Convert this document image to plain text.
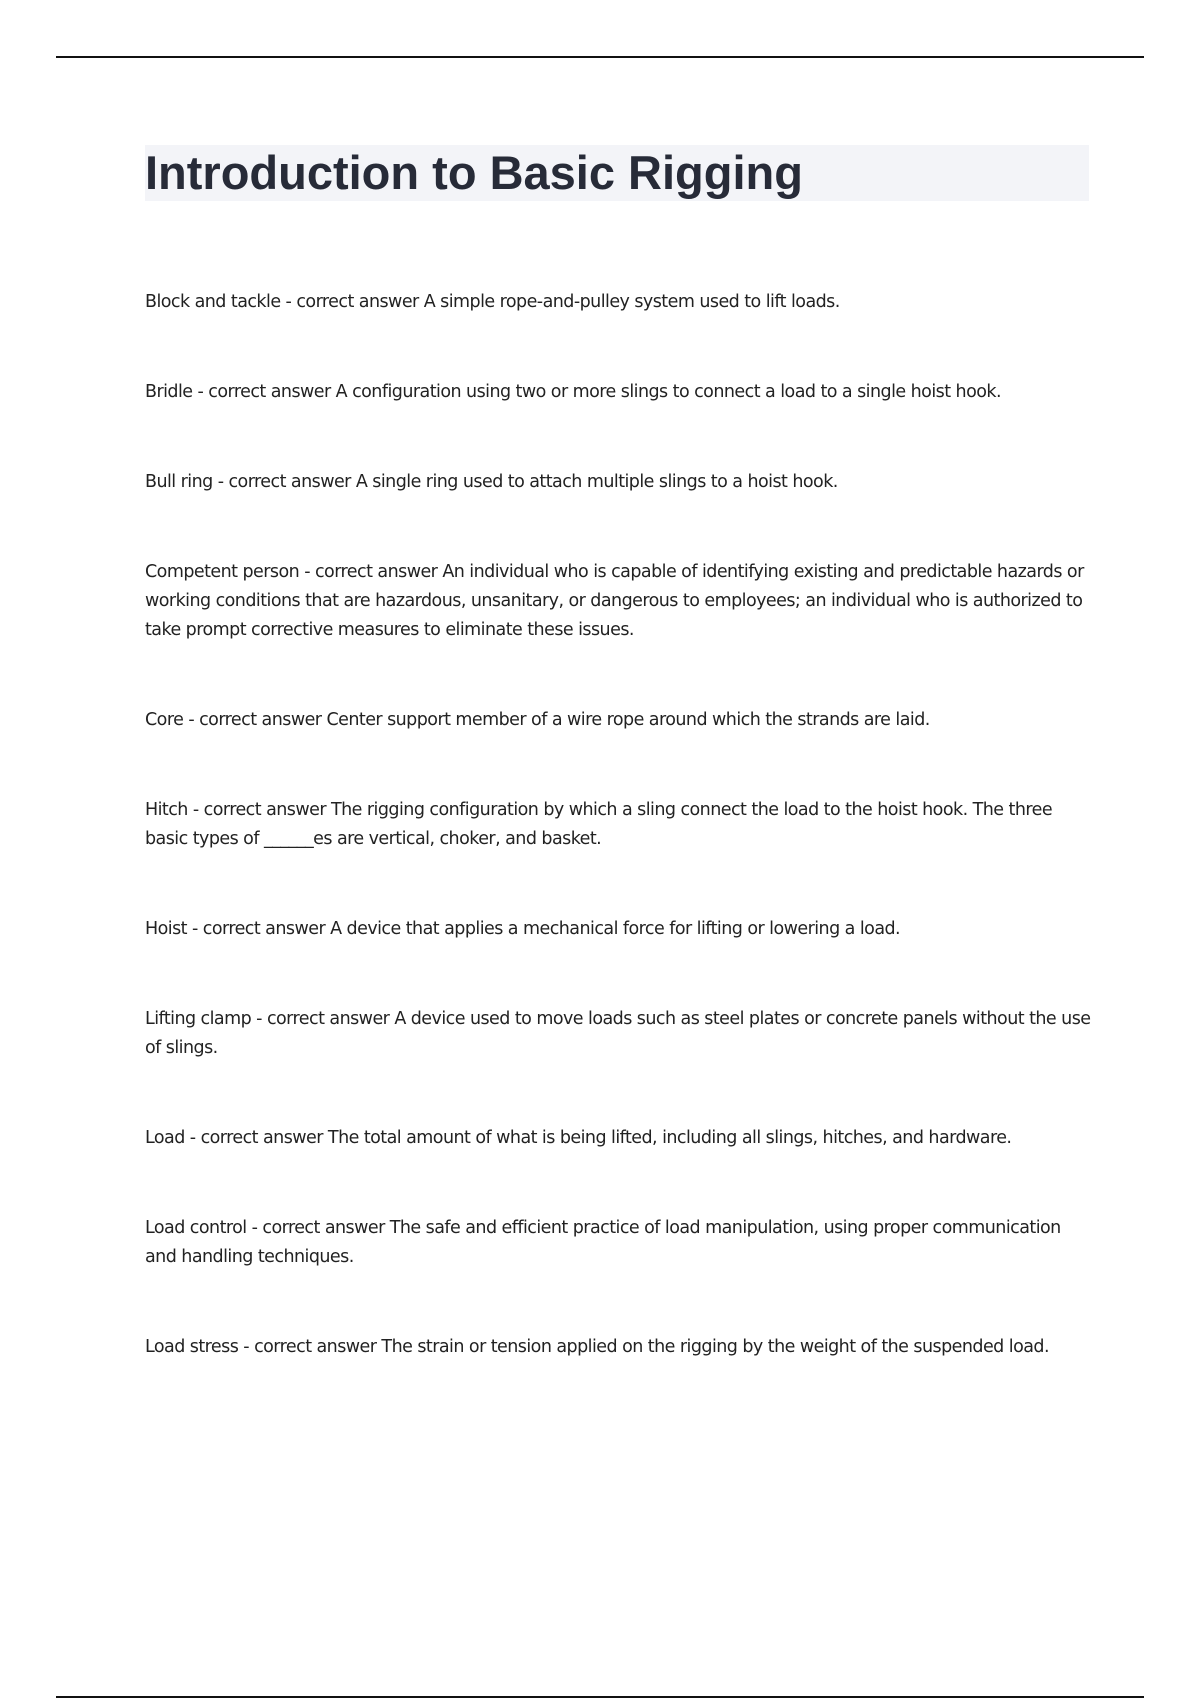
Introduction to Basic Rigging

Block and tackle - correct answer A simple rope-and-pulley system used to lift loads.

Bridle - correct answer A configuration using two or more slings to connect a load to a single hoist hook.

Bull ring - correct answer A single ring used to attach multiple slings to a hoist hook.

Competent person - correct answer An individual who is capable of identifying existing and predictable hazards or working conditions that are hazardous, unsanitary, or dangerous to employees; an individual who is authorized to take prompt corrective measures to eliminate these issues.

Core - correct answer Center support member of a wire rope around which the strands are laid.

Hitch - correct answer The rigging configuration by which a sling connect the load to the hoist hook. The three basic types of ______es are vertical, choker, and basket.

Hoist - correct answer A device that applies a mechanical force for lifting or lowering a load.

Lifting clamp - correct answer A device used to move loads such as steel plates or concrete panels without the use of slings.

Load - correct answer The total amount of what is being lifted, including all slings, hitches, and hardware.

Load control - correct answer The safe and efficient practice of load manipulation, using proper communication and handling techniques.

Load stress - correct answer The strain or tension applied on the rigging by the weight of the suspended load.
